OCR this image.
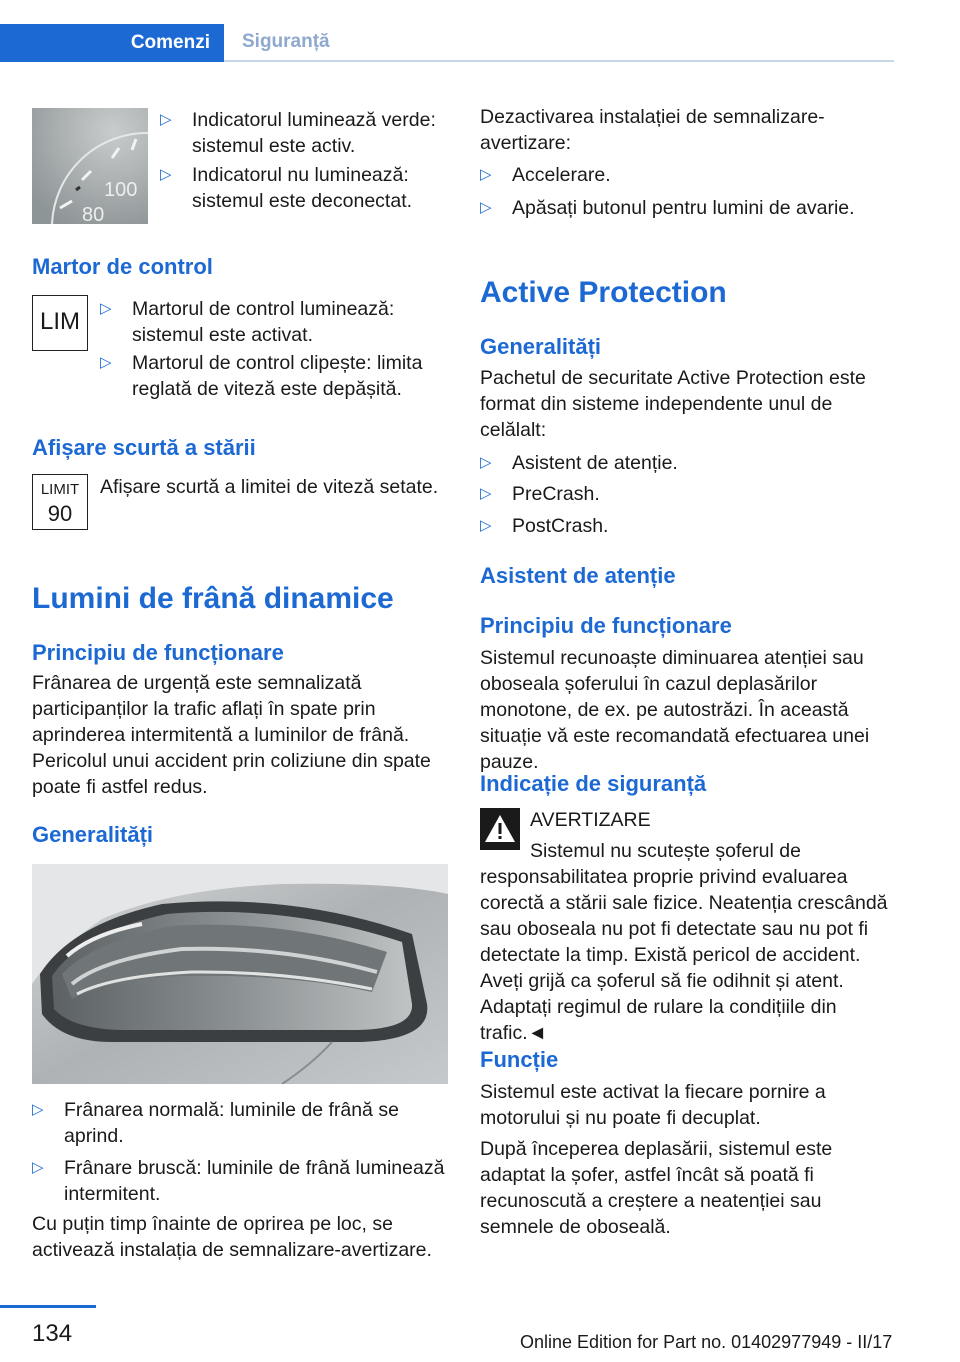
Comenzi	Siguranță
100
80
▷ Indicatorul luminează verde: sistemul este activ.
▷ Indicatorul nu luminează: sistemul este deconectat.
Martor de control
LIM	▷ Martorul de control luminează: sistemul este activat.
▷ Martorul de control clipește: limita reglată de viteză este depășită.
Afișare scurtă a stării
LIMIT
90
Afișare scurtă a limitei de viteză setate.
Lumini de frână dinamice
Principiu de funcționare
Frânarea de urgență este semnalizată participanților la trafic aflați în spate prin aprinderea intermitentă a luminilor de frână. Pericolul unui accident prin coliziune din spate poate fi astfel redus.
Generalități
▷ Frânarea normală: luminile de frână se aprind.
▷ Frânare bruscă: luminile de frână luminează intermitent.
Cu puțin timp înainte de oprirea pe loc, se activează instalația de semnalizare-avertizare.
Dezactivarea instalației de semnalizare-avertizare:
▷ Accelerare.
▷ Apăsați butonul pentru lumini de avarie.
Active Protection
Generalități
Pachetul de securitate Active Protection este format din sisteme independente unul de celălalt:
▷ Asistent de atenție.
▷ PreCrash.
▷ PostCrash.
Asistent de atenție
Principiu de funcționare
Sistemul recunoaște diminuarea atenției sau oboseala șoferului în cazul deplasărilor monotone, de ex. pe autostrăzi. În această situație vă este recomandată efectuarea unei pauze.
Indicație de siguranță
AVERTIZARE
Sistemul nu scutește șoferul de responsabilitatea proprie privind evaluarea corectă a stării sale fizice. Neatenția crescândă sau oboseala nu pot fi detectate sau nu pot fi detectate la timp. Există pericol de accident. Aveți grijă ca șoferul să fie odihnit și atent. Adaptați regimul de rulare la condițiile din trafic.◄
Funcție
Sistemul este activat la fiecare pornire a motorului și nu poate fi decuplat.
După începerea deplasării, sistemul este adaptat la șofer, astfel încât să poată fi recunoscută a creștere a neatenției sau semnele de oboseală.
134	Online Edition for Part no. 01402977949 - II/17
